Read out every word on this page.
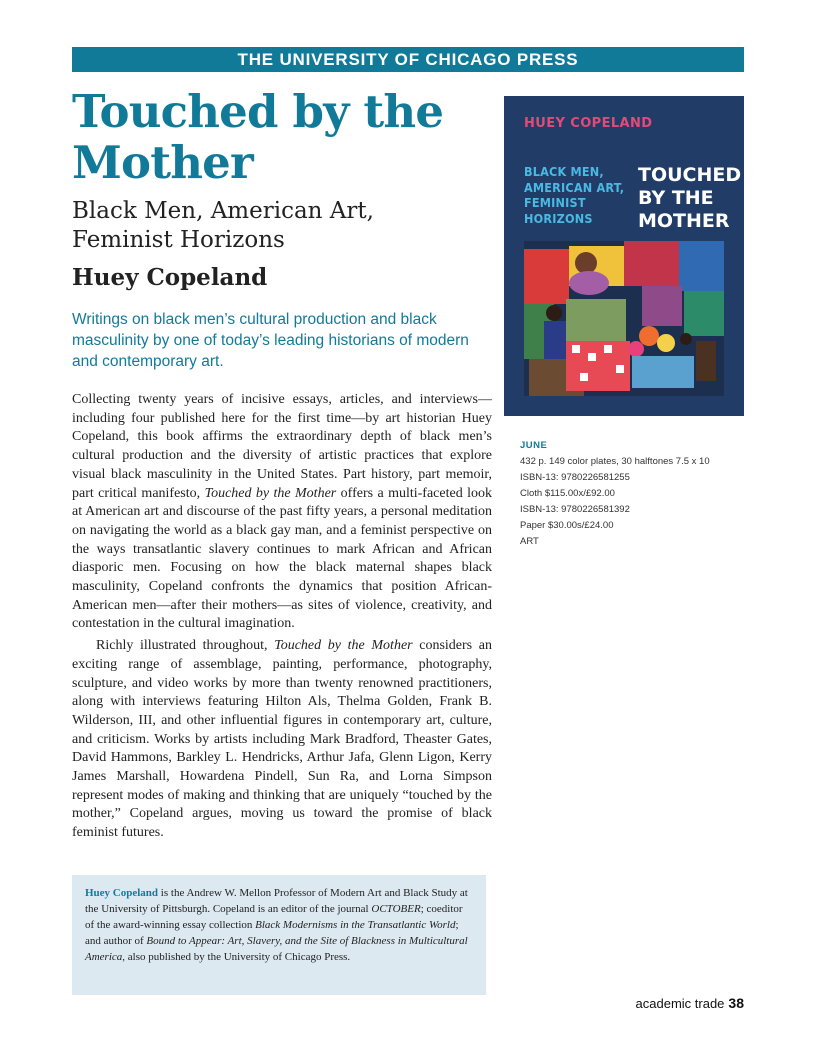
THE UNIVERSITY OF CHICAGO PRESS
Touched by the Mother
Black Men, American Art, Feminist Horizons
Huey Copeland
Writings on black men’s cultural production and black masculinity by one of today’s leading historians of modern and contemporary art.

Collecting twenty years of incisive essays, articles, and interviews—including four published here for the first time—by art historian Huey Copeland, this book affirms the extraordinary depth of black men’s cultural production and the diversity of artistic practices that explore visual black masculinity in the United States. Part history, part memoir, part critical manifesto, Touched by the Mother offers a multi-faceted look at American art and discourse of the past fifty years, a personal meditation on navigating the world as a black gay man, and a feminist perspective on the ways transatlantic slavery continues to mark African and African diasporic men. Focusing on how the black maternal shapes black masculinity, Copeland confronts the dynamics that position African-American men—after their mothers—as sites of violence, creativity, and contestation in the cultural imagination.

Richly illustrated throughout, Touched by the Mother considers an exciting range of assemblage, painting, performance, photography, sculpture, and video works by more than twenty renowned practitioners, along with interviews featuring Hilton Als, Thelma Golden, Frank B. Wilderson, III, and other influential figures in contemporary art, culture, and criticism. Works by artists including Mark Bradford, Theaster Gates, David Hammons, Barkley L. Hendricks, Arthur Jafa, Glenn Ligon, Kerry James Marshall, Howardena Pindell, Sun Ra, and Lorna Simpson represent modes of making and thinking that are uniquely “touched by the mother,” Copeland argues, moving us toward the promise of black feminist futures.

Huey Copeland is the Andrew W. Mellon Professor of Modern Art and Black Study at the University of Pittsburgh. Copeland is an editor of the journal OCTOBER; coeditor of the award-winning essay collection Black Modernisms in the Transatlantic World; and author of Bound to Appear: Art, Slavery, and the Site of Blackness in Multicultural America, also published by the University of Chicago Press.
HUEY COPELAND
BLACK MEN,
AMERICAN ART,
FEMINIST
HORIZONS
TOUCHED
BY THE
MOTHER
JUNE
432 p. 149 color plates, 30 halftones 7.5 x 10
ISBN-13: 9780226581255
Cloth $115.00x/£92.00
ISBN-13: 9780226581392
Paper $30.00s/£24.00
ART
academic trade 38
